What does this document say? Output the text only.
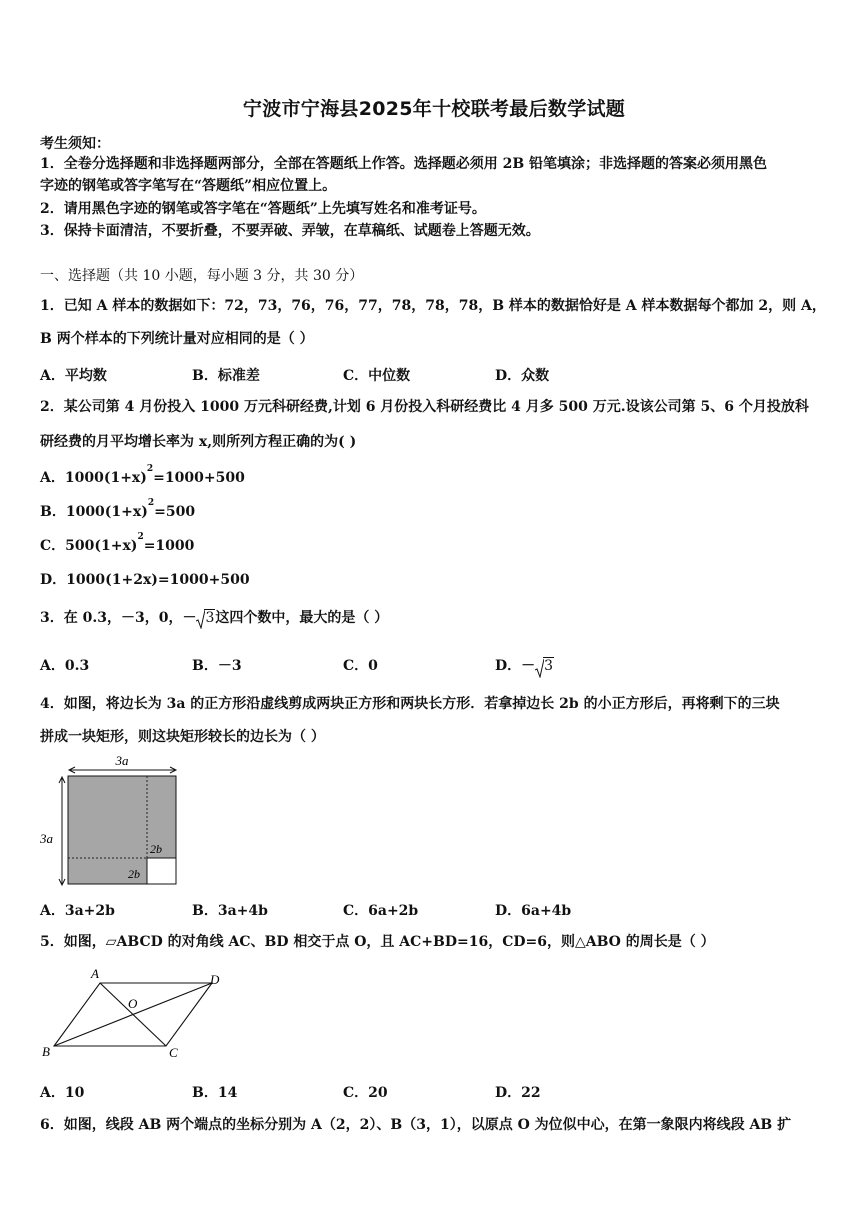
宁波市宁海县2025年十校联考最后数学试题
考生须知：
1．全卷分选择题和非选择题两部分，全部在答题纸上作答。选择题必须用 2B 铅笔填涂；非选择题的答案必须用黑色
字迹的钢笔或答字笔写在“答题纸”相应位置上。
2．请用黑色字迹的钢笔或答字笔在“答题纸”上先填写姓名和准考证号。
3．保持卡面清洁，不要折叠，不要弄破、弄皱，在草稿纸、试题卷上答题无效。
一、选择题（共 10 小题，每小题 3 分，共 30 分）
1．已知 A 样本的数据如下：72，73，76，76，77，78，78，78，B 样本的数据恰好是 A 样本数据每个都加 2，则 A，
B 两个样本的下列统计量对应相同的是（ ）
A．平均数	B．标准差	C．中位数	D．众数
2．某公司第 4 月份投入 1000 万元科研经费,计划 6 月份投入科研经费比 4 月多 500 万元.设该公司第 5、6 个月投放科
研经费的月平均增长率为 x,则所列方程正确的为( )
A．$1000(1+x)^2=1000+500$
B．$1000(1+x)^2=500$
C．$500(1+x)^2=1000$
D．1000(1+2x)=1000+500
3．在 0.3，－3，0，－ 3这四个数中，最大的是（ ）
A．0.3	B．－3	C．0	D．－ 3
4．如图，将边长为 3a 的正方形沿虚线剪成两块正方形和两块长方形．若拿掉边长 2b 的小正方形后，再将剩下的三块
拼成一块矩形，则这块矩形较长的边长为（ ）
3a
3a
2b
2b
A．3a+2b	B．3a+4b	C．6a+2b	D．6a+4b
5．如图，▱ABCD 的对角线 AC、BD 相交于点 O，且 AC+BD=16，CD=6，则△ABO 的周长是（ ）
A	D
B	C
O
A．10	B．14	C．20	D．22
6．如图，线段 AB 两个端点的坐标分别为 A（2，2）、B（3，1），以原点 O 为位似中心，在第一象限内将线段 AB 扩
